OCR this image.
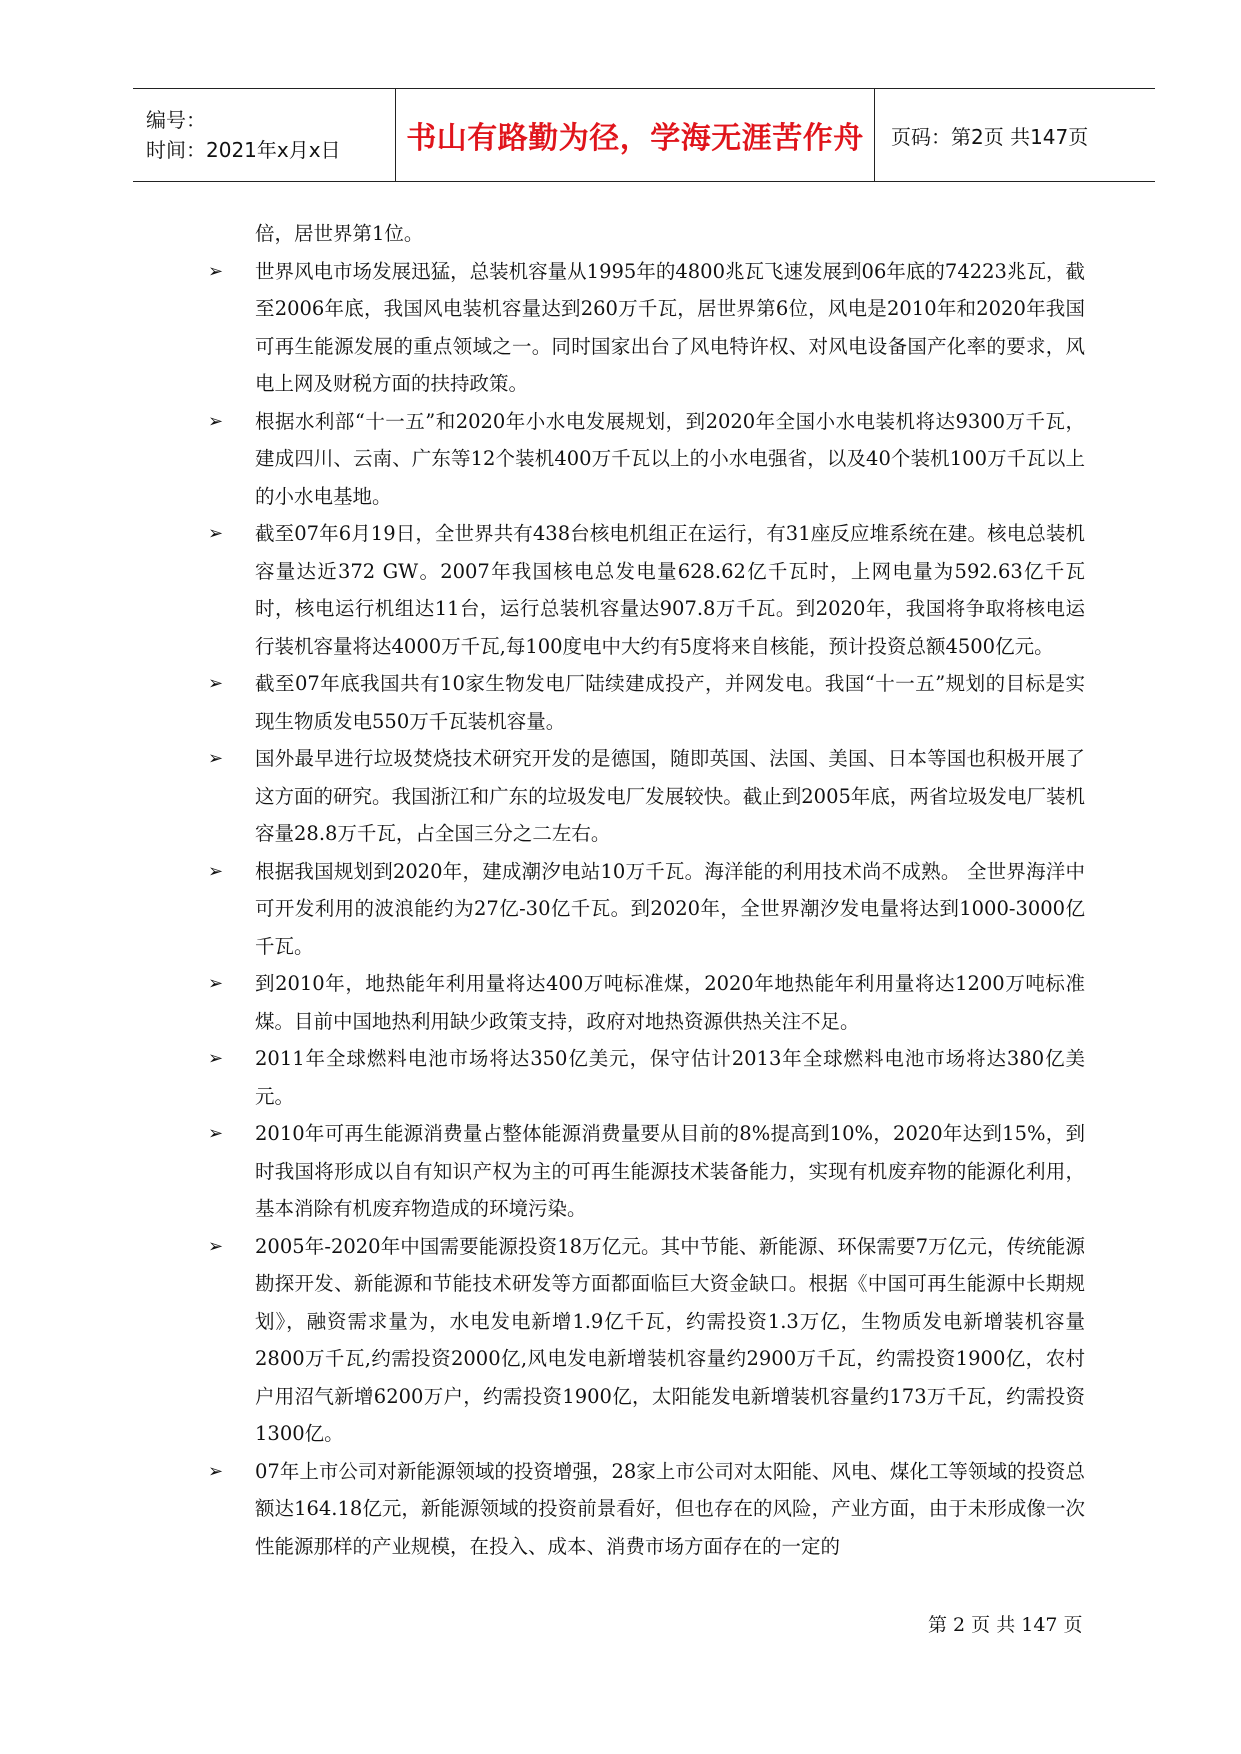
编号：
时间：2021年x月x日	书山有路勤为径，学海无涯苦作舟 页码：第2页 共147页
倍，居世界第1位。
➢ 世界风电市场发展迅猛，总装机容量从1995年的4800兆瓦飞速发展到06年底的74223兆瓦，截至2006年底，我国风电装机容量达到260万千瓦，居世界第6位，风电是2010年和2020年我国可再生能源发展的重点领域之一。同时国家出台了风电特许权、对风电设备国产化率的要求，风电上网及财税方面的扶持政策。
➢ 根据水利部“十一五”和2020年小水电发展规划，到2020年全国小水电装机将达9300万千瓦，建成四川、云南、广东等12个装机400万千瓦以上的小水电强省，以及40个装机100万千瓦以上的小水电基地。
➢ 截至07年6月19日，全世界共有438台核电机组正在运行，有31座反应堆系统在建。核电总装机容量达近372 GW。2007年我国核电总发电量628.62亿千瓦时，上网电量为592.63亿千瓦时，核电运行机组达11台，运行总装机容量达907.8万千瓦。到2020年，我国将争取将核电运行装机容量将达4000万千瓦,每100度电中大约有5度将来自核能，预计投资总额4500亿元。
➢ 截至07年底我国共有10家生物发电厂陆续建成投产，并网发电。我国“十一五”规划的目标是实现生物质发电550万千瓦装机容量。
➢ 国外最早进行垃圾焚烧技术研究开发的是德国，随即英国、法国、美国、日本等国也积极开展了这方面的研究。我国浙江和广东的垃圾发电厂发展较快。截止到2005年底，两省垃圾发电厂装机容量28.8万千瓦，占全国三分之二左右。
➢ 根据我国规划到2020年，建成潮汐电站10万千瓦。海洋能的利用技术尚不成熟。 全世界海洋中可开发利用的波浪能约为27亿-30亿千瓦。到2020年，全世界潮汐发电量将达到1000-3000亿千瓦。
➢ 到2010年，地热能年利用量将达400万吨标准煤，2020年地热能年利用量将达1200万吨标准煤。目前中国地热利用缺少政策支持，政府对地热资源供热关注不足。
➢ 2011年全球燃料电池市场将达350亿美元，保守估计2013年全球燃料电池市场将达380亿美元。
➢ 2010年可再生能源消费量占整体能源消费量要从目前的8%提高到10%，2020年达到15%，到时我国将形成以自有知识产权为主的可再生能源技术装备能力，实现有机废弃物的能源化利用，基本消除有机废弃物造成的环境污染。
➢ 2005年-2020年中国需要能源投资18万亿元。其中节能、新能源、环保需要7万亿元，传统能源勘探开发、新能源和节能技术研发等方面都面临巨大资金缺口。根据《中国可再生能源中长期规划》，融资需求量为，水电发电新增1.9亿千瓦，约需投资1.3万亿，生物质发电新增装机容量2800万千瓦,约需投资2000亿,风电发电新增装机容量约2900万千瓦，约需投资1900亿，农村户用沼气新增6200万户，约需投资1900亿，太阳能发电新增装机容量约173万千瓦，约需投资1300亿。
➢ 07年上市公司对新能源领域的投资增强，28家上市公司对太阳能、风电、煤化工等领域的投资总额达164.18亿元，新能源领域的投资前景看好，但也存在的风险，产业方面，由于未形成像一次性能源那样的产业规模，在投入、成本、消费市场方面存在的一定的
第 2 页 共 147 页
